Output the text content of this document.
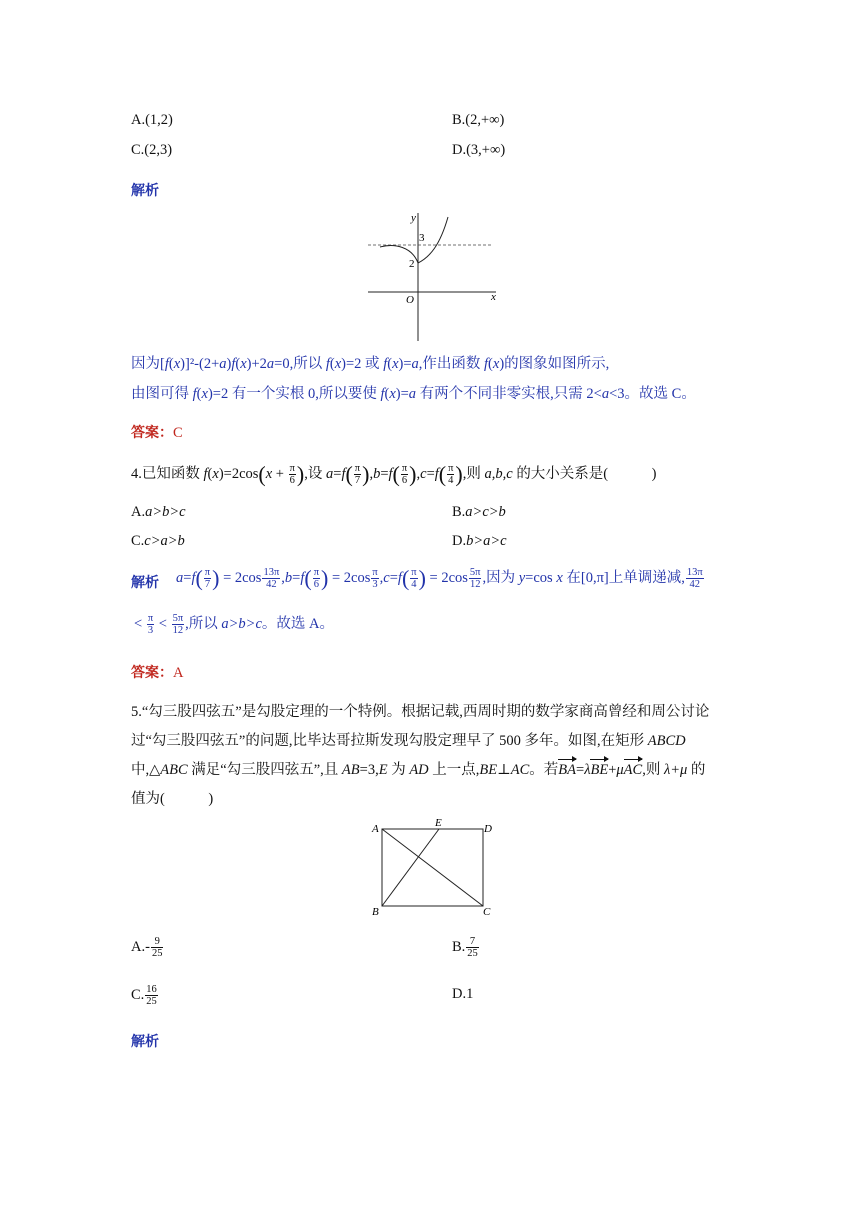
A.(1,2)	B.(2,+∞)
C.(2,3)	D.(3,+∞)
解析
y
x
O
3
2
因为[f(x)]²-(2+a)f(x)+2a=0,所以 f(x)=2 或 f(x)=a,作出函数 f(x)的图象如图所示,
由图可得 f(x)=2 有一个实根 0,所以要使 f(x)=a 有两个不同非零实根,只需 2<a<3。故选 C。
答案：C
4.已知函数 $f(x)=2\cos(x + \frac{\pi}{6}$ ),设 $a=f( \frac{\pi}{7} ),b=f( \frac{\pi}{6} ),c=f( \frac{\pi}{4}$ ),则 a,b,c 的大小关系是(	)
A.a>b>c	B.a>c>b
C.c>a>b	D.b>a>c
解析 $a=f( \frac{\pi}{7}$ ) = $2\cos \frac{13\pi}{42} ,b=f( \frac{\pi}{6}$ ) = $2\cos \frac{\pi}{3} ,c=f( \frac{\pi}{4}$ ) = $2\cos \frac{5\pi}{12}$ ,因为 y=cos x 在[0,π]上单调递减, $\frac{13\pi}{42}$
< $\frac{\pi}{3} < \frac{5\pi}{12}$ ,所以 a>b>c。故选 A。
答案：A
5.“勾三股四弦五”是勾股定理的一个特例。根据记载,西周时期的数学家商高曾经和周公讨论
过“勾三股四弦五”的问题,比毕达哥拉斯发现勾股定理早了 500 多年。如图,在矩形 ABCD
中,△ABC 满足“勾三股四弦五”,且 AB=3,E 为 AD 上一点,BE⊥AC。若BA=λBE+μAC,则 λ+μ 的
值为(	)
A	E	D
B	C
$A.- \frac{9}{25}$	B. $\frac{7}{25}$
C. $\frac{16}{25}$	D.1
解析
